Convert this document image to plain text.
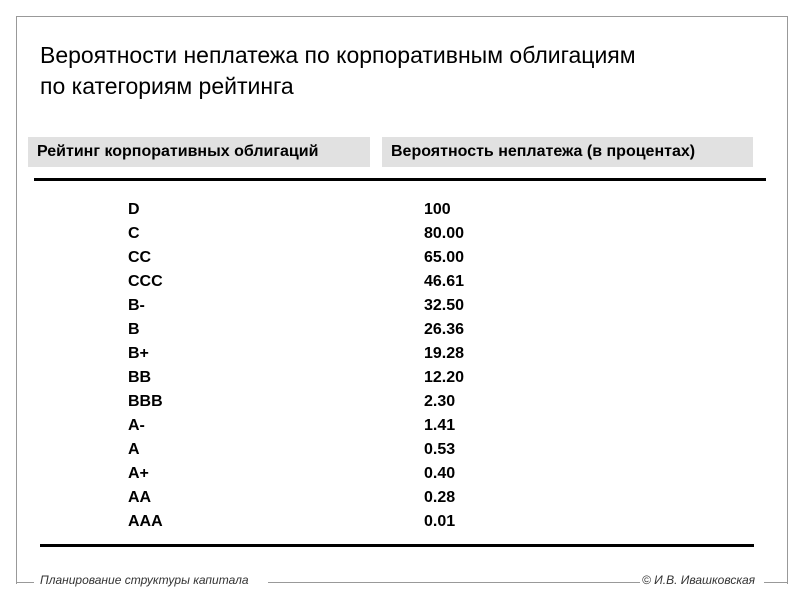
Вероятности неплатежа по корпоративным облигациям
по категориям рейтинга
Рейтинг корпоративных облигаций	Вероятность неплатежа (в процентах)
D
C
CC
CCC
B-
B
B+
BB
BBB
A-
A
A+
AA
AAA
100
80.00
65.00
46.61
32.50
26.36
19.28
12.20
2.30
1.41
0.53
0.40
0.28
0.01
Планирование структуры капитала	© И.В. Ивашковская
